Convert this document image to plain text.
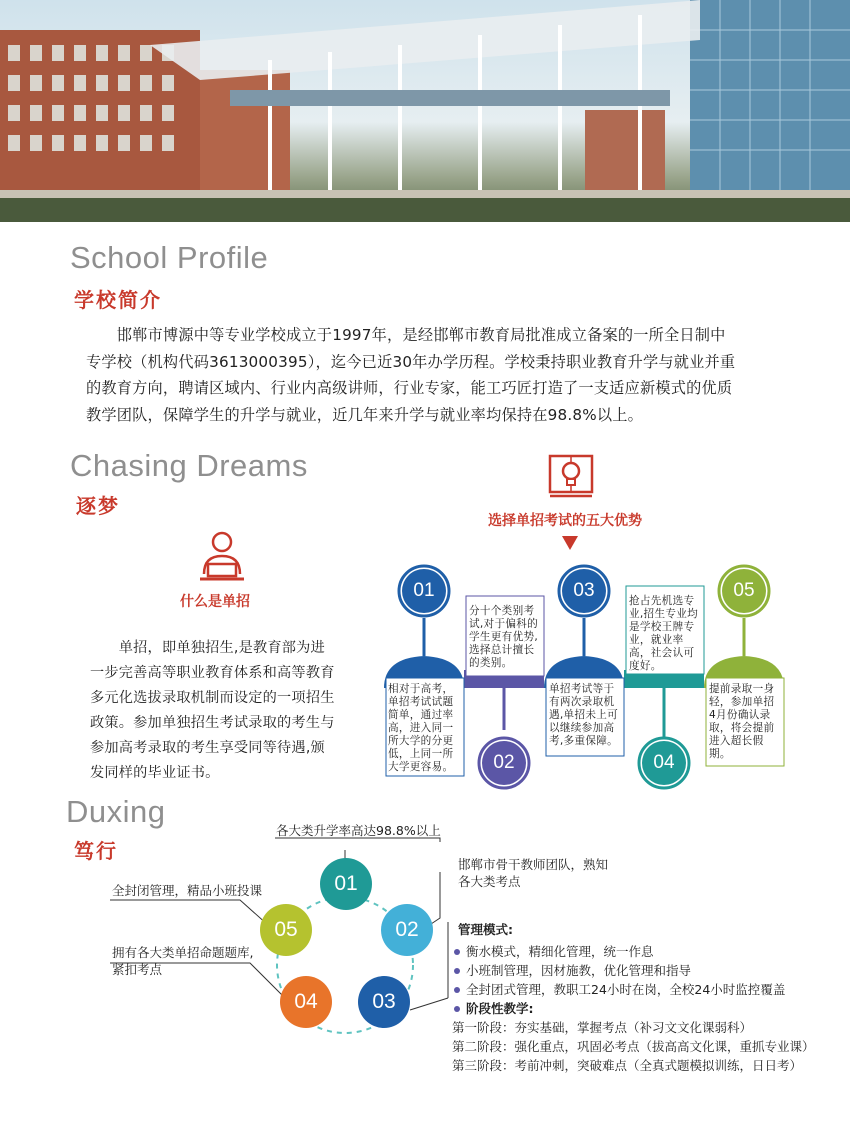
School Profile
学校简介

　　邯郸市博源中等专业学校成立于1997年，是经邯郸市教育局批准成立备案的一所全日制中

专学校（机构代码3613000395），迄今已近30年办学历程。学校秉持职业教育升学与就业并重

的教育方向，聘请区域内、行业内高级讲师，行业专家，能工巧匠打造了一支适应新模式的优质

教学团队，保障学生的升学与就业，近几年来升学与就业率均保持在98.8%以上。

Chasing Dreams
逐梦
什么是单招

　　单招，即单独招生,是教育部为进

一步完善高等职业教育体系和高等教育

多元化选拔录取机制而设定的一项招生

政策。参加单独招生考试录取的考生与

参加高考录取的考生享受同等待遇,颁

发同样的毕业证书。

选择单招考试的五大优势
01
02
03
04
05
相对于高考，
单招考试试题
简单，通过率
高，进入同一
所大学的分更
低，上同一所
大学更容易。
分十个类别考
试,对于偏科的
学生更有优势,
选择总计擅长
的类别。
单招考试等于
有两次录取机
遇,单招未上可
以继续参加高
考,多重保障。
抢占先机选专
业,招生专业均
是学校王牌专
业，就业率
高，社会认可
度好。
提前录取一身
轻，参加单招
4月份确认录
取，将会提前
进入超长假
期。
Duxing
笃行
01
02
03
04
05
各大类升学率高达98.8%以上
邯郸市骨干教师团队，熟知
各大类考点
全封闭管理，精品小班投课
拥有各大类单招命题题库,
紧扣考点
管理模式:
衡水模式，精细化管理，统一作息
小班制管理，因材施教，优化管理和指导
全封团式管理，教职工24小时在岗，全校24小时监控覆盖
阶段性教学:
第一阶段：夯实基础，掌握考点（补习文文化课弱科）
第二阶段：强化重点，巩固必考点（拔高高文化课，重抓专业课）
第三阶段：考前冲刺，突破难点（全真式题模拟训练，日日考）
